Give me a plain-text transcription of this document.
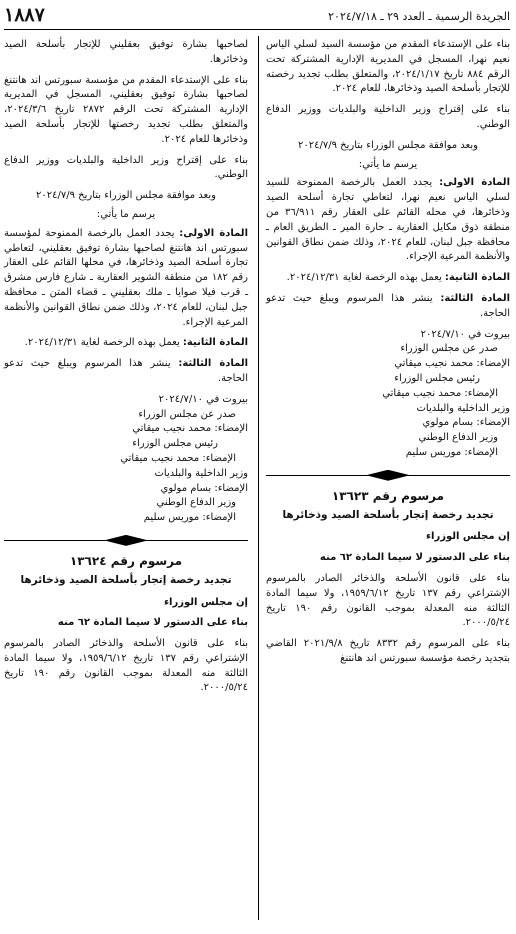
الجريدة الرسمية ـ العدد ٢٩ ـ ٢٠٢٤/٧/١٨
١٨٨٧

بناء على الإستدعاء المقدم من مؤسسة السيد لسلي الياس نعيم نهرا، المسجل في المديرية الإدارية المشتركة تحت الرقم ٨٨٤ تاريخ ٢٠٢٤/١/١٧، والمتعلق بطلب تجديد رخصته للإتجار بأسلحة الصيد وذخائرها، للعام ٢٠٢٤.

بناء على إقتراح وزير الداخلية والبلديات ووزير الدفاع الوطني.

وبعد موافقة مجلس الوزراء بتاريخ ٢٠٢٤/٧/٩

يرسم ما يأتي:

المادة الاولى: يجدد العمل بالرخصة الممنوحة للسيد لسلي الياس نعيم نهرا، لتعاطي تجارة أسلحة الصيد وذخائرها، في محله القائم على العقار رقم ٣٦/٩١١ من منطقة ذوق مكايل العقارية ـ حارة المير ـ الطريق العام ـ محافظة جبل لبنان، للعام ٢٠٢٤، وذلك ضمن نطاق القوانين والأنظمة المرعية الإجراء.

المادة الثانية: يعمل بهذه الرخصة لغاية ٢٠٢٤/١٢/٣١.

المادة الثالثة: ينشر هذا المرسوم ويبلغ حيث تدعو الحاجة.

بيروت في ٢٠٢٤/٧/١٠

صدر عن مجلس الوزراء

الإمضاء: محمد نجيب ميقاتي

رئيس مجلس الوزراء

الإمضاء: محمد نجيب ميقاتي

وزير الداخلية والبلديات

الإمضاء: بسام مولوي

وزير الدفاع الوطني

الإمضاء: موريس سليم

مرسوم رقم ١٣٦٢٣
تجديد رخصة إتجار بأسلحة الصيد وذخائرها

إن مجلس الوزراء

بناء على الدستور لا سيما المادة ٦٢ منه

بناء على قانون الأسلحة والذخائر الصادر بالمرسوم الإشتراعي رقم ١٣٧ تاريخ ١٩٥٩/٦/١٢، ولا سيما المادة الثالثة منه المعدلة بموجب القانون رقم ١٩٠ تاريخ ٢٠٠٠/٥/٢٤.

بناء على المرسوم رقم ٨٣٣٢ تاريخ ٢٠٢١/٩/٨ القاضي بتجديد رخصة مؤسسة سبورتس اند هانتنغ

لصاحبها بشارة توفيق بعقليني للإتجار بأسلحة الصيد وذخائرها.

بناء على الإستدعاء المقدم من مؤسسة سبورتس اند هانتنغ لصاحبها بشارة توفيق بعقليني، المسجل في المديرية الإدارية المشتركة تحت الرقم ٢٨٧٢ تاريخ ٢٠٢٤/٣/٦، والمتعلق بطلب تجديد رخصتها للإتجار بأسلحة الصيد وذخائرها للعام ٢٠٢٤.

بناء على إقتراح وزير الداخلية والبلديات ووزير الدفاع الوطني.

وبعد موافقة مجلس الوزراء بتاريخ ٢٠٢٤/٧/٩

يرسم ما يأتي:

المادة الاولى: يجدد العمل بالرخصة الممنوحة لمؤسسة سبورتس اند هانتنغ لصاحبها بشارة توفيق بعقليني، لتعاطي تجارة أسلحة الصيد وذخائرها، في محلها القائم على العقار رقم ١٨٢ من منطقة الشوير العقارية ـ شارع فارس مشرق ـ قرب فيلا صوايا ـ ملك بعقليني ـ قضاء المتن ـ محافظة جبل لبنان، للعام ٢٠٢٤، وذلك ضمن نطاق القوانين والأنظمة المرعية الإجراء.

المادة الثانية: يعمل بهذه الرخصة لغاية ٢٠٢٤/١٢/٣١.

المادة الثالثة: ينشر هذا المرسوم ويبلغ حيث تدعو الحاجة.

بيروت في ٢٠٢٤/٧/١٠

صدر عن مجلس الوزراء

الإمضاء: محمد نجيب ميقاتي

رئيس مجلس الوزراء

الإمضاء: محمد نجيب ميقاتي

وزير الداخلية والبلديات

الإمضاء: بسام مولوي

وزير الدفاع الوطني

الإمضاء: موريس سليم

مرسوم رقم ١٣٦٢٤
تجديد رخصة إتجار بأسلحة الصيد وذخائرها

إن مجلس الوزراء

بناء على الدستور لا سيما المادة ٦٢ منه

بناء على قانون الأسلحة والذخائر الصادر بالمرسوم الإشتراعي رقم ١٣٧ تاريخ ١٩٥٩/٦/١٢، ولا سيما المادة الثالثة منه المعدلة بموجب القانون رقم ١٩٠ تاريخ ٢٠٠٠/٥/٢٤.
